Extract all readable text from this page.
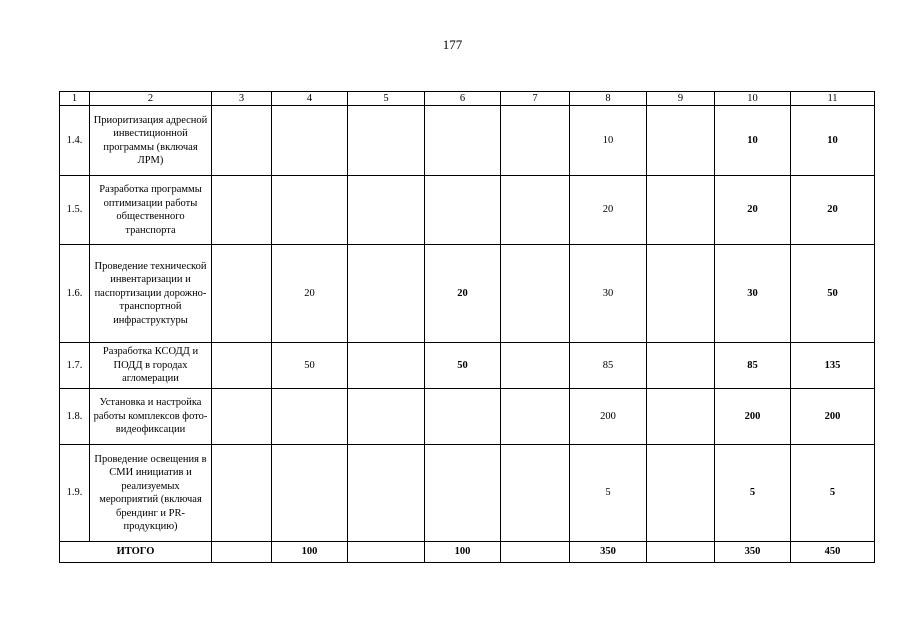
177
1	2	3	4	5	6	7	8	9	10	11
1.4.	Приоритизация адресной инвестиционной программы (включая ЛРМ)						10		10	10
1.5.	Разработка программы оптимизации работы общественного транспорта						20		20	20
1.6.	Проведение технической инвентаризации и паспортизации дорожно-транспортной инфраструктуры		20		20		30		30	50
1.7.	Разработка КСОДД и ПОДД в городах агломерации		50		50		85		85	135
1.8.	Установка и настройка работы комплексов фото-видеофиксации						200		200	200
1.9.	Проведение освещения в СМИ инициатив и реализуемых мероприятий (включая брендинг и PR-продукцию)						5		5	5
ИТОГО			100		100		350		350	450
